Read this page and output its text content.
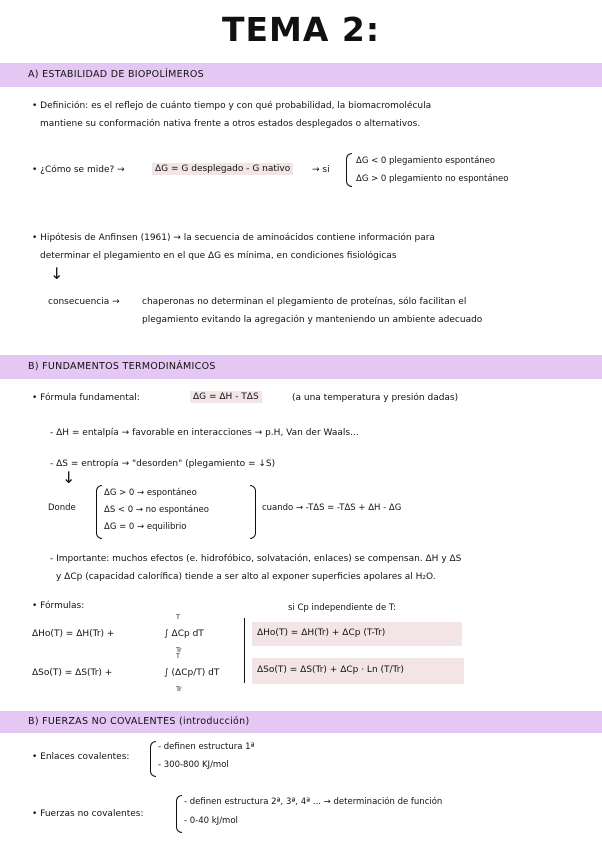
TEMA 2:
A) ESTABILIDAD DE BIOPOLÍMEROS
• Definición: es el reflejo de cuánto tiempo y con qué probabilidad, la biomacromolécula
mantiene su conformación nativa frente a otros estados desplegados o alternativos.
• ¿Cómo se mide? →	ΔG = G desplegado - G nativo	→ si
ΔG < 0 plegamiento espontáneo
ΔG > 0 plegamiento no espontáneo
• Hipótesis de Anfinsen (1961) → la secuencia de aminoácidos contiene información para
determinar el plegamiento en el que ΔG es mínima, en condiciones fisiológicas
↓
consecuencia → chaperonas no determinan el plegamiento de proteínas, sólo facilitan el
plegamiento evitando la agregación y manteniendo un ambiente adecuado
B) FUNDAMENTOS TERMODINÁMICOS
• Fórmula fundamental:	ΔG = ΔH - TΔS	(a una temperatura y presión dadas)
- ΔH = entalpía → favorable en interacciones → p.H, Van der Waals...
- ΔS = entropía → "desorden" (plegamiento = ↓S)
↓
Donde
ΔG > 0 → espontáneo
ΔS < 0 → no espontáneo
ΔG = 0 → equilibrio
cuando → -TΔS = -TΔS + ΔH - ΔG
- Importante: muchos efectos (e. hidrofóbico, solvatación, enlaces) se compensan. ΔH y ΔS
y ΔCp (capacidad calorífica) tiende a ser alto al exponer superficies apolares al H₂O.
• Fórmulas:	si Cp independiente de T:
ΔHo(T) = ΔH(Tr) +
T
∫ ΔCp dT
Tr
ΔHo(T) = ΔH(Tr) + ΔCp (T-Tr)
ΔSo(T) = ΔS(Tr) +
T
∫ (ΔCp/T) dT
Tr
ΔSo(T) = ΔS(Tr) + ΔCp · Ln (T/Tr)
B) FUERZAS NO COVALENTES (introducción)
• Enlaces covalentes:
- definen estructura 1ª
- 300-800 KJ/mol
• Fuerzas no covalentes:
- definen estructura 2ª, 3ª, 4ª ... → determinación de función
- 0-40 kJ/mol
